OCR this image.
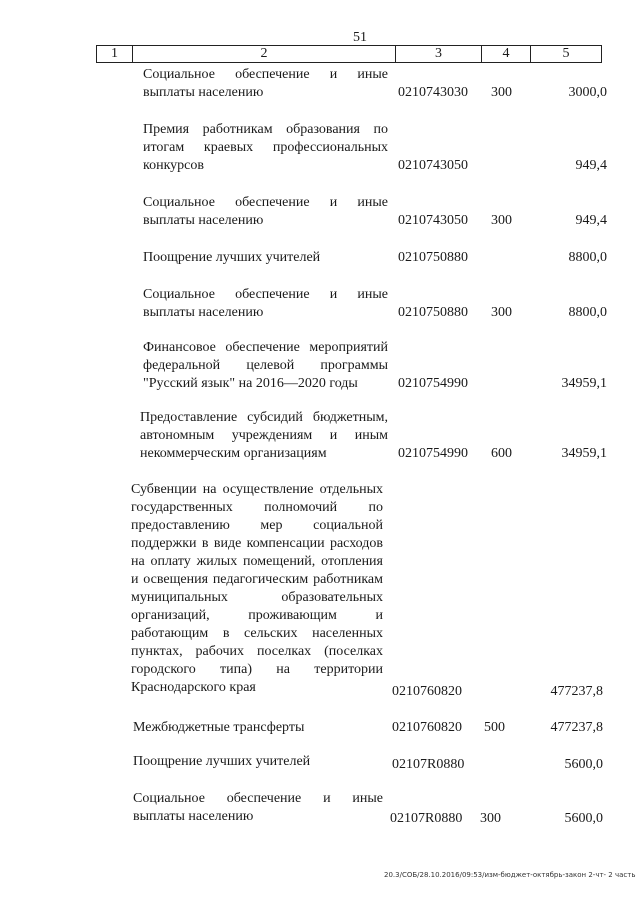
51
1	2	3	4	5
Социальное обеспечение и иные выплаты населению	0210743030 300	3000,0
Премия работникам образования по итогам краевых профессиональных конкурсов	0210743050	949,4
Социальное обеспечение и иные выплаты населению	0210743050 300	949,4
Поощрение лучших учителей	0210750880	8800,0
Социальное обеспечение и иные выплаты населению	0210750880 300	8800,0
Финансовое обеспечение мероприятий федеральной целевой программы "Русский язык" на 2016—2020 годы	0210754990	34959,1
Предоставление субсидий бюджетным, автономным учреждениям и иным некоммерческим организациям	0210754990 600	34959,1
Субвенции на осуществление отдельных государственных полномочий по предоставлению мер социальной поддержки в виде компенсации расходов на оплату жилых помещений, отопления и освещения педагогическим работникам муниципальных образовательных организаций, проживающим и работающим в сельских населенных пунктах, рабочих поселках (поселках городского типа) на территории Краснодарского края	0210760820	477237,8
Межбюджетные трансферты	0210760820 500	477237,8
Поощрение лучших учителей	02107R0880	5600,0
Социальное обеспечение и иные выплаты населению	02107R0880 300	5600,0
20.3/СОБ/28.10.2016/09:53/изм-бюджет-октябрь-закон 2-чт- 2 часть
